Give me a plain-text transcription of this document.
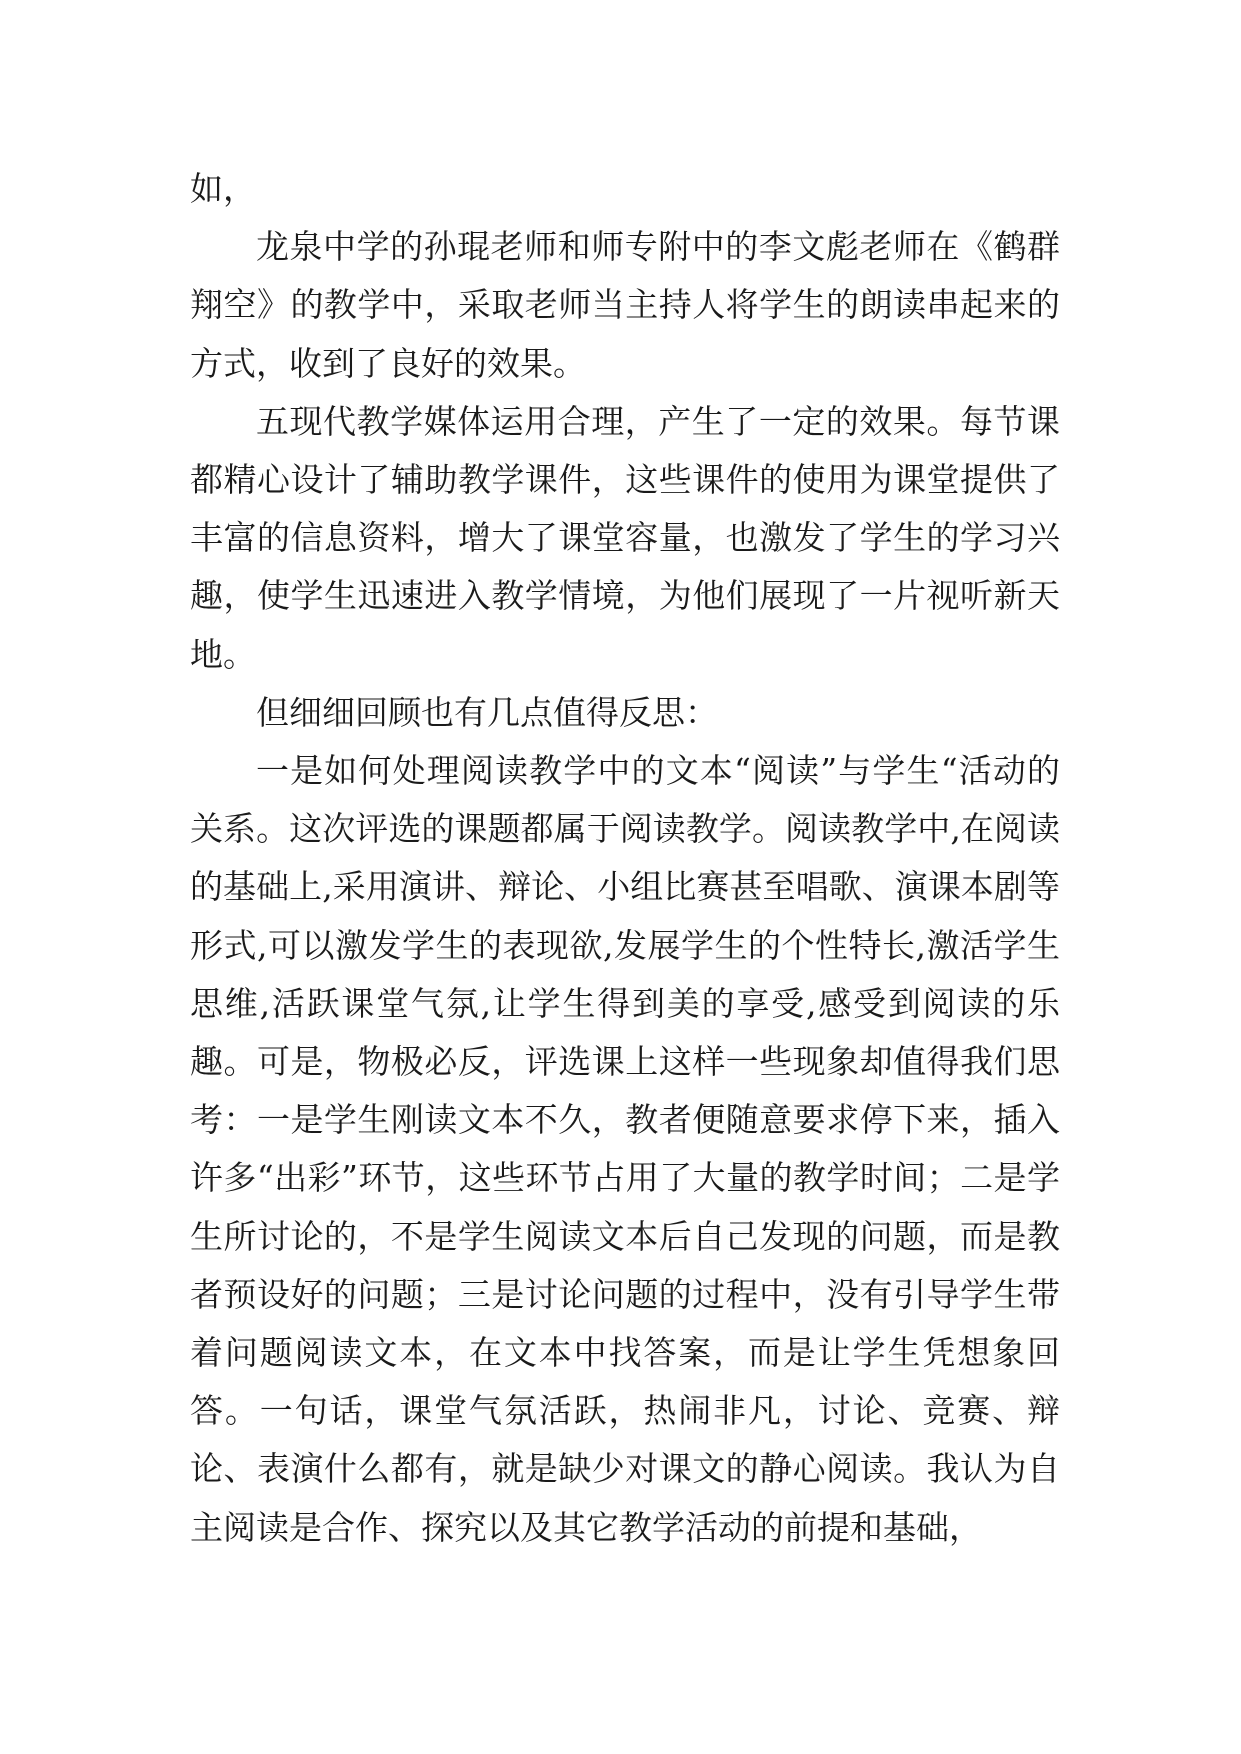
如，

龙泉中学的孙琨老师和师专附中的李文彪老师在《鹤群翔空》的教学中，采取老师当主持人将学生的朗读串起来的方式，收到了良好的效果。

五现代教学媒体运用合理，产生了一定的效果。每节课都精心设计了辅助教学课件，这些课件的使用为课堂提供了丰富的信息资料，增大了课堂容量，也激发了学生的学习兴趣，使学生迅速进入教学情境，为他们展现了一片视听新天地。

但细细回顾也有几点值得反思：

一是如何处理阅读教学中的文本“阅读”与学生“活动的关系。这次评选的课题都属于阅读教学。阅读教学中,在阅读的基础上,采用演讲、辩论、小组比赛甚至唱歌、演课本剧等形式,可以激发学生的表现欲,发展学生的个性特长,激活学生思维,活跃课堂气氛,让学生得到美的享受,感受到阅读的乐趣。可是，物极必反，评选课上这样一些现象却值得我们思考：一是学生刚读文本不久，教者便随意要求停下来，插入许多“出彩”环节，这些环节占用了大量的教学时间；二是学生所讨论的，不是学生阅读文本后自己发现的问题，而是教者预设好的问题；三是讨论问题的过程中，没有引导学生带着问题阅读文本，在文本中找答案，而是让学生凭想象回答。一句话，课堂气氛活跃，热闹非凡，讨论、竞赛、辩论、表演什么都有，就是缺少对课文的静心阅读。我认为自主阅读是合作、探究以及其它教学活动的前提和基础，
